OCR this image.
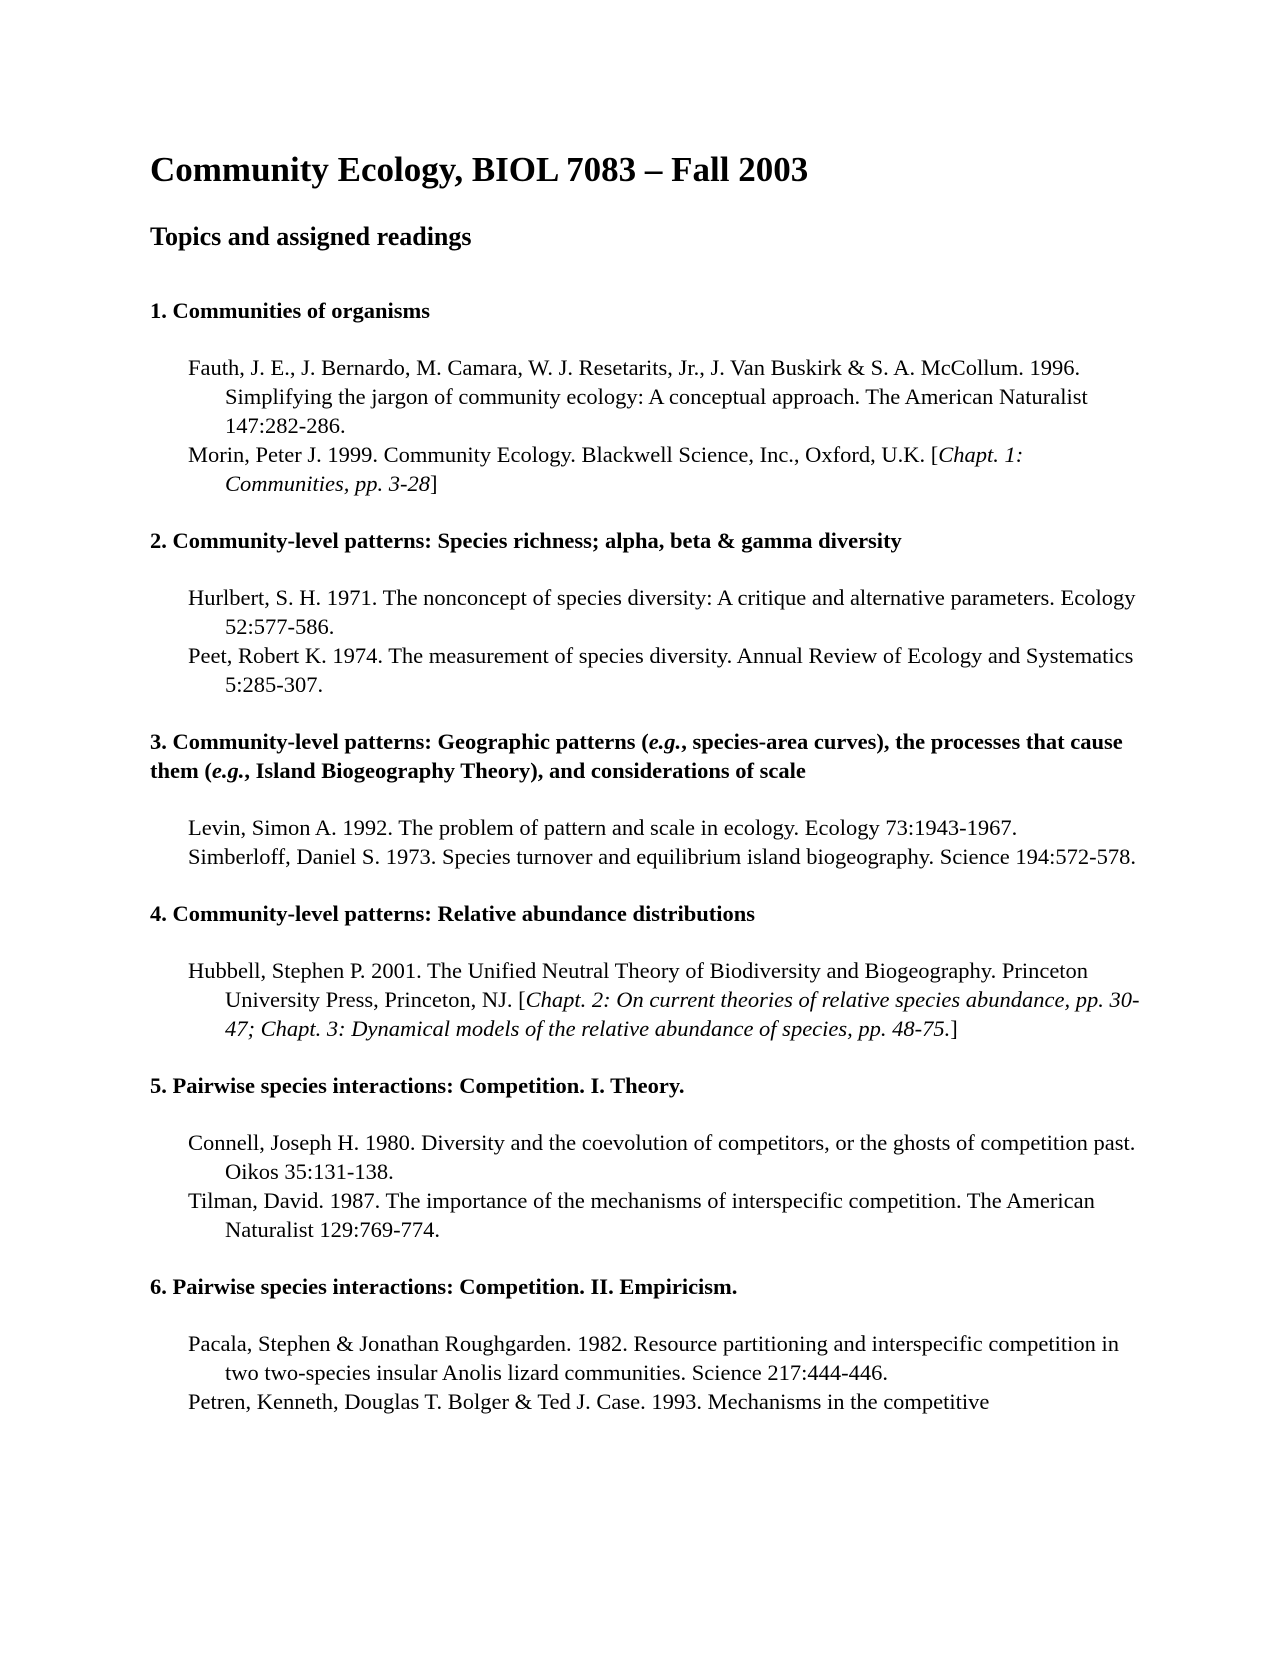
Community Ecology, BIOL 7083 – Fall 2003
Topics and assigned readings

1. Communities of organisms

Fauth, J. E., J. Bernardo, M. Camara, W. J. Resetarits, Jr., J. Van Buskirk & S. A. McCollum. 1996. Simplifying the jargon of community ecology: A conceptual approach. The American Naturalist 147:282-286.

Morin, Peter J. 1999. Community Ecology. Blackwell Science, Inc., Oxford, U.K. [Chapt. 1: Communities, pp. 3-28]

2. Community-level patterns: Species richness; alpha, beta & gamma diversity

Hurlbert, S. H. 1971. The nonconcept of species diversity: A critique and alternative parameters. Ecology 52:577-586.

Peet, Robert K. 1974. The measurement of species diversity. Annual Review of Ecology and Systematics 5:285-307.

3. Community-level patterns: Geographic patterns (e.g., species-area curves), the processes that cause them (e.g., Island Biogeography Theory), and considerations of scale

Levin, Simon A. 1992. The problem of pattern and scale in ecology. Ecology 73:1943-1967.

Simberloff, Daniel S. 1973. Species turnover and equilibrium island biogeography. Science 194:572-578.

4. Community-level patterns: Relative abundance distributions

Hubbell, Stephen P. 2001. The Unified Neutral Theory of Biodiversity and Biogeography. Princeton University Press, Princeton, NJ. [Chapt. 2: On current theories of relative species abundance, pp. 30-47; Chapt. 3: Dynamical models of the relative abundance of species, pp. 48-75.]

5. Pairwise species interactions: Competition. I. Theory.

Connell, Joseph H. 1980. Diversity and the coevolution of competitors, or the ghosts of competition past. Oikos 35:131-138.

Tilman, David. 1987. The importance of the mechanisms of interspecific competition. The American Naturalist 129:769-774.

6. Pairwise species interactions: Competition. II. Empiricism.

Pacala, Stephen & Jonathan Roughgarden. 1982. Resource partitioning and interspecific competition in two two-species insular Anolis lizard communities. Science 217:444-446.

Petren, Kenneth, Douglas T. Bolger & Ted J. Case. 1993. Mechanisms in the competitive
